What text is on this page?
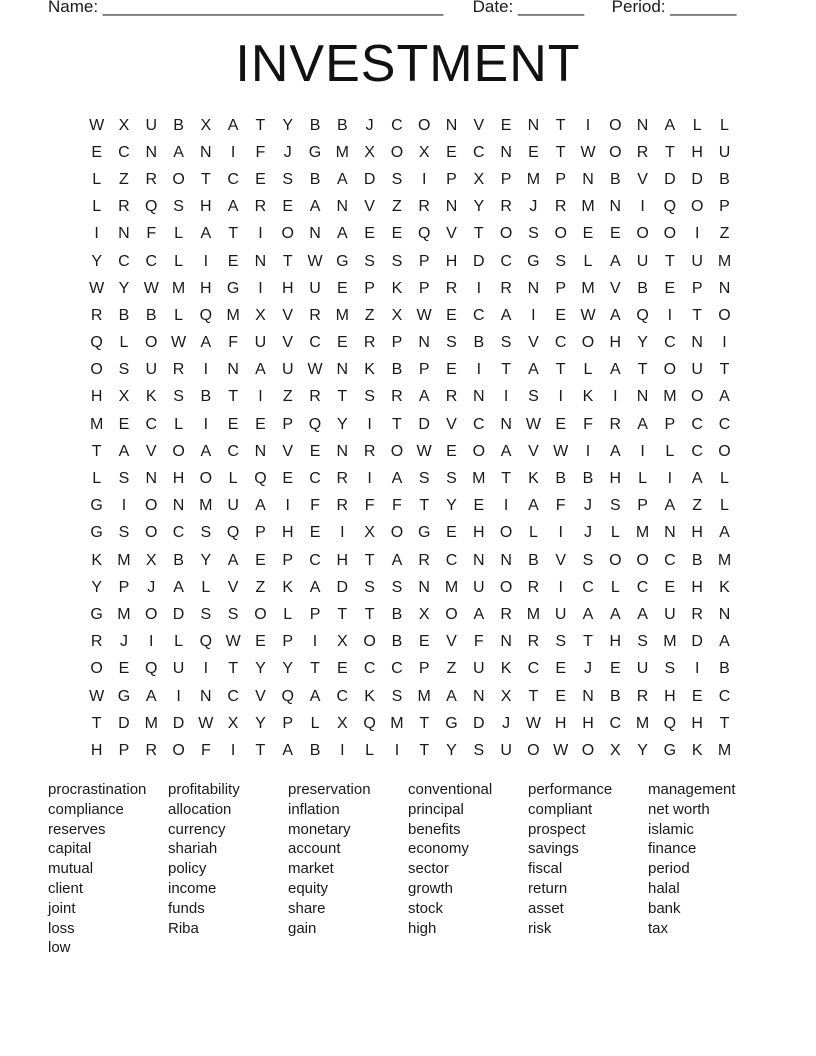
Name: ____________________________________ Date: _______ Period: _______
INVESTMENT
W X	U	B	X	A	T	Y	B	B	J	C O N	V	E	N	T	I	O N	A	L	L
E	C N	A	N	I	F	J	G M X O X	E	C N	E	T W O R	T	H U
L	Z	R O	T	C	E	S	B	A	D	S	I	P	X	P M P	N	B	V	D D	B
L	R Q S	H	A	R	E	A	N	V	Z	R N	Y	R	J	R M N	I	Q O P
I	N	F	L	A	T	I	O N	A	E	E Q V	T	O S O E	E O O	I	Z
Y	C C	L	I	E	N	T W G S	S	P	H D C G S	L	A	U	T	U M
W Y W M H G	I	H U	E	P	K	P	R	I	R N	P M V	B	E	P	N
R	B	B	L	Q M X	V	R M Z	X W E	C	A	I	E W A Q	I	T	O
Q	L	O W A	F	U	V	C	E	R	P	N	S	B	S	V	C O H	Y	C N	I
O S	U R	I	N	A	U W N	K	B	P	E	I	T	A	T	L	A	T	O U	T
H	X	K	S	B	T	I	Z	R	T	S	R	A	R N	I	S	I	K	I	N M O A
M E	C	L	I	E	E	P Q Y	I	T	D	V	C N W E	F	R	A	P	C C
T	A	V O A	C N	V	E	N R O W E O A	V W	I	A	I	L	C O
L	S	N H O	L	Q E	C R	I	A	S	S M T	K	B	B	H	L	I	A	L
G	I	O N M U	A	I	F	R	F	F	T	Y	E	I	A	F	J	S	P	A	Z	L
G S O C	S Q P	H	E	I	X O G E	H O	L	I	J	L	M N H	A
K M X	B	Y	A	E	P	C H	T	A	R C N N	B	V	S O O C	B M
Y	P	J	A	L	V	Z	K	A	D	S	S	N M U O R	I	C	L	C	E	H	K
G M O D	S	S O	L	P	T	T	B	X O A	R M U	A	A	A	U R N
R	J	I	L	Q W E	P	I	X O B	E	V	F	N R	S	T	H	S M D	A
O E Q U	I	T	Y	Y	T	E	C C	P	Z	U	K	C	E	J	E	U	S	I	B
W G A	I	N C	V Q A	C	K	S M A	N	X	T	E	N	B	R H	E	C
T	D M D W X	Y	P	L	X Q M T	G D	J W H H C M Q H	T
H	P	R O	F	I	T	A	B	I	L	I	T	Y	S	U O W O X	Y G K M
procrastination
compliance
reserves
capital
mutual
client
joint
loss
low
profitability
allocation
currency
shariah
policy
income
funds
Riba
preservation
inflation
monetary
account
market
equity
share
gain
conventional
principal
benefits
economy
sector
growth
stock
high
performance
compliant
prospect
savings
fiscal
return
asset
risk
management
net worth
islamic
finance
period
halal
bank
tax
